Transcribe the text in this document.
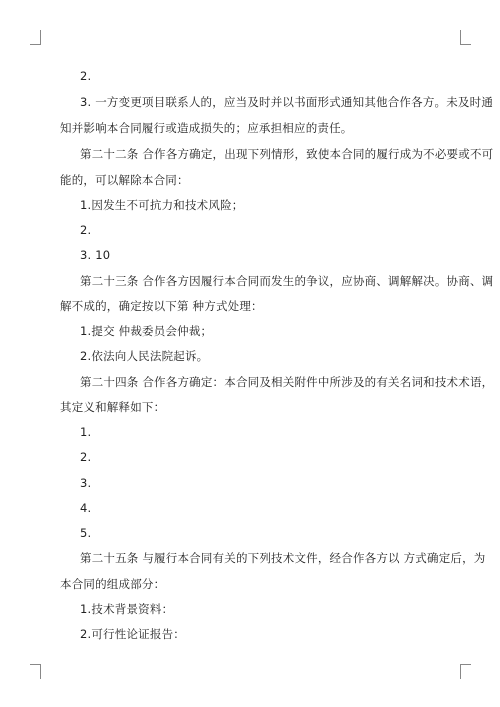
2.
3. 一方变更项目联系人的，应当及时并以书面形式通知其他合作各方。未及时通
知并影响本合同履行或造成损失的；应承担相应的责任。
第二十二条 合作各方确定，出现下列情形，致使本合同的履行成为不必要或不可
能的，可以解除本合同：
1.因发生不可抗力和技术风险；
2.
3. 10
第二十三条 合作各方因履行本合同而发生的争议，应协商、调解解决。协商、调
解不成的，确定按以下第 种方式处理：
1.提交 仲裁委员会仲裁；
2.依法向人民法院起诉。
第二十四条 合作各方确定：本合同及相关附件中所涉及的有关名词和技术术语，
其定义和解释如下：
1.
2.
3.
4.
5.
第二十五条 与履行本合同有关的下列技术文件，经合作各方以 方式确定后，为
本合同的组成部分：
1.技术背景资料：
2.可行性论证报告：
